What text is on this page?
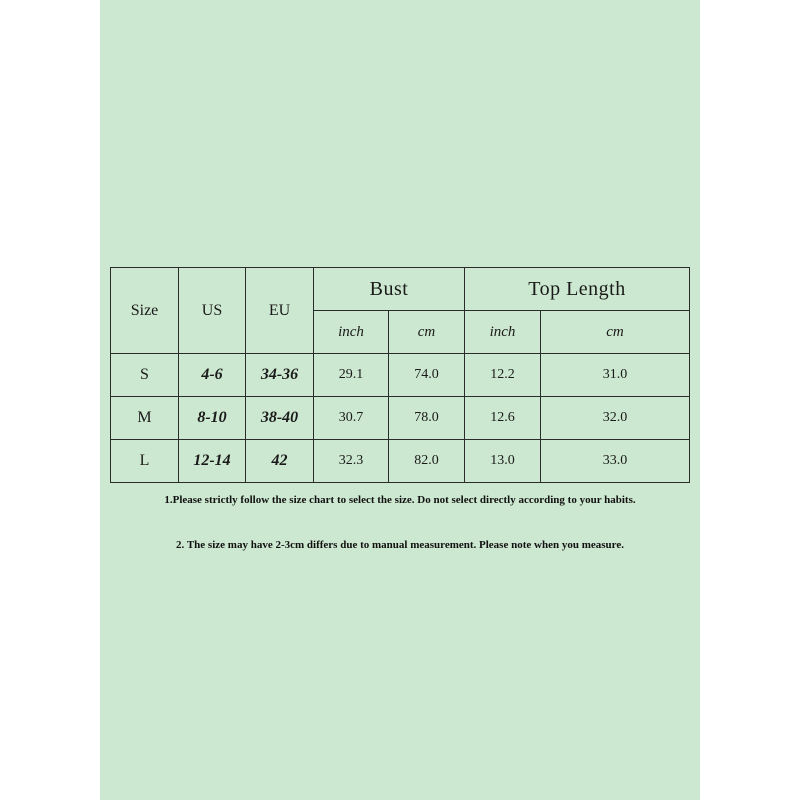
Size	US	EU	Bust		Top Length	
			inch	cm	inch	cm
S	4-6	34-36	29.1	74.0	12.2	31.0
M	8-10	38-40	30.7	78.0	12.6	32.0
L	12-14	42	32.3	82.0	13.0	33.0
1.Please strictly follow the size chart to select the size. Do not select directly according to your habits.
2. The size may have 2-3cm differs due to manual measurement. Please note when you measure.
